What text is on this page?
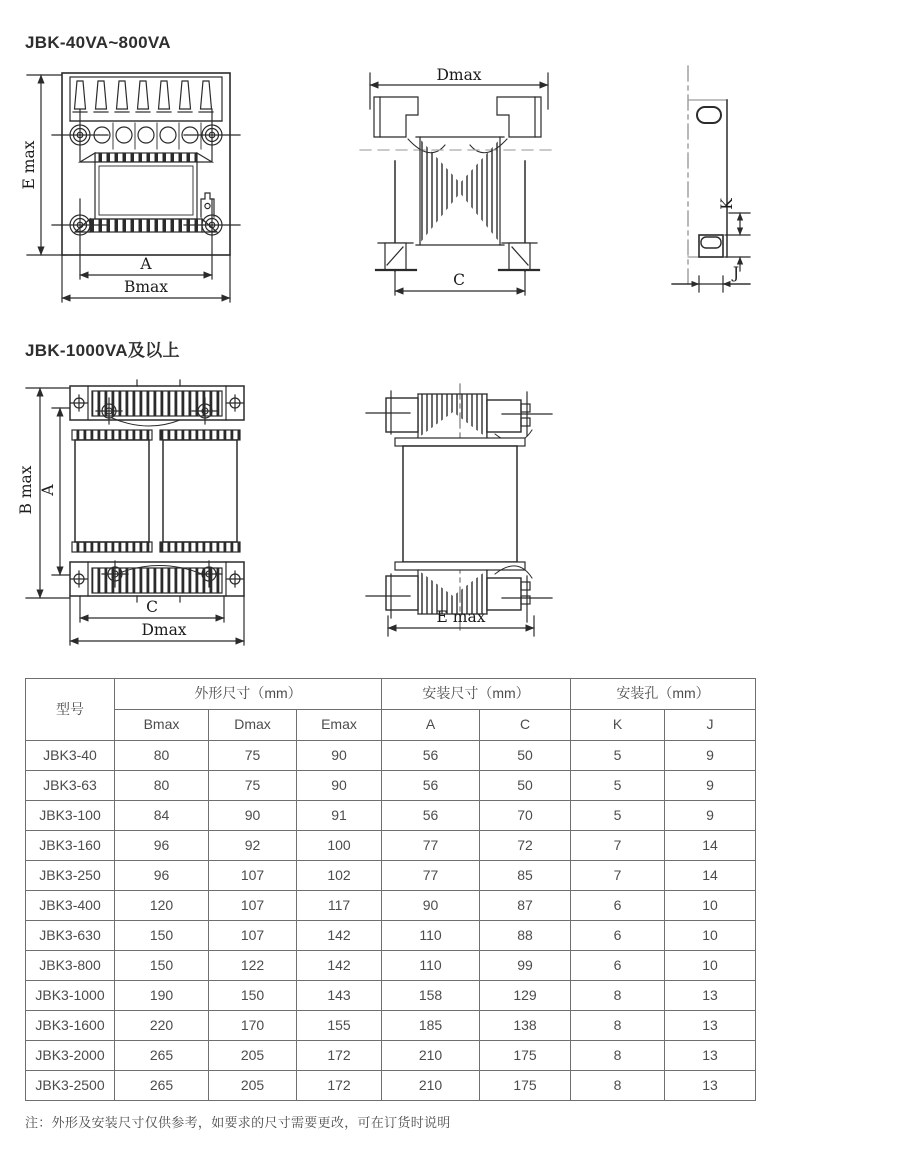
JBK-40VA~800VA
E max
A
Bmax
Dmax
C
K
J
JBK-1000VA及以上
B max A
C
Dmax
E max
型号	外形尺寸（mm）			安装尺寸（mm）		安装孔（mm）	
	Bmax	Dmax	Emax	A	C	K	J
JBK3-40	80	75	90	56	50	5	9
JBK3-63	80	75	90	56	50	5	9
JBK3-100	84	90	91	56	70	5	9
JBK3-160	96	92	100	77	72	7	14
JBK3-250	96	107	102	77	85	7	14
JBK3-400	120	107	117	90	87	6	10
JBK3-630	150	107	142	110	88	6	10
JBK3-800	150	122	142	110	99	6	10
JBK3-1000	190	150	143	158	129	8	13
JBK3-1600	220	170	155	185	138	8	13
JBK3-2000	265	205	172	210	175	8	13
JBK3-2500	265	205	172	210	175	8	13
注：外形及安装尺寸仅供参考，如要求的尺寸需要更改，可在订货时说明
